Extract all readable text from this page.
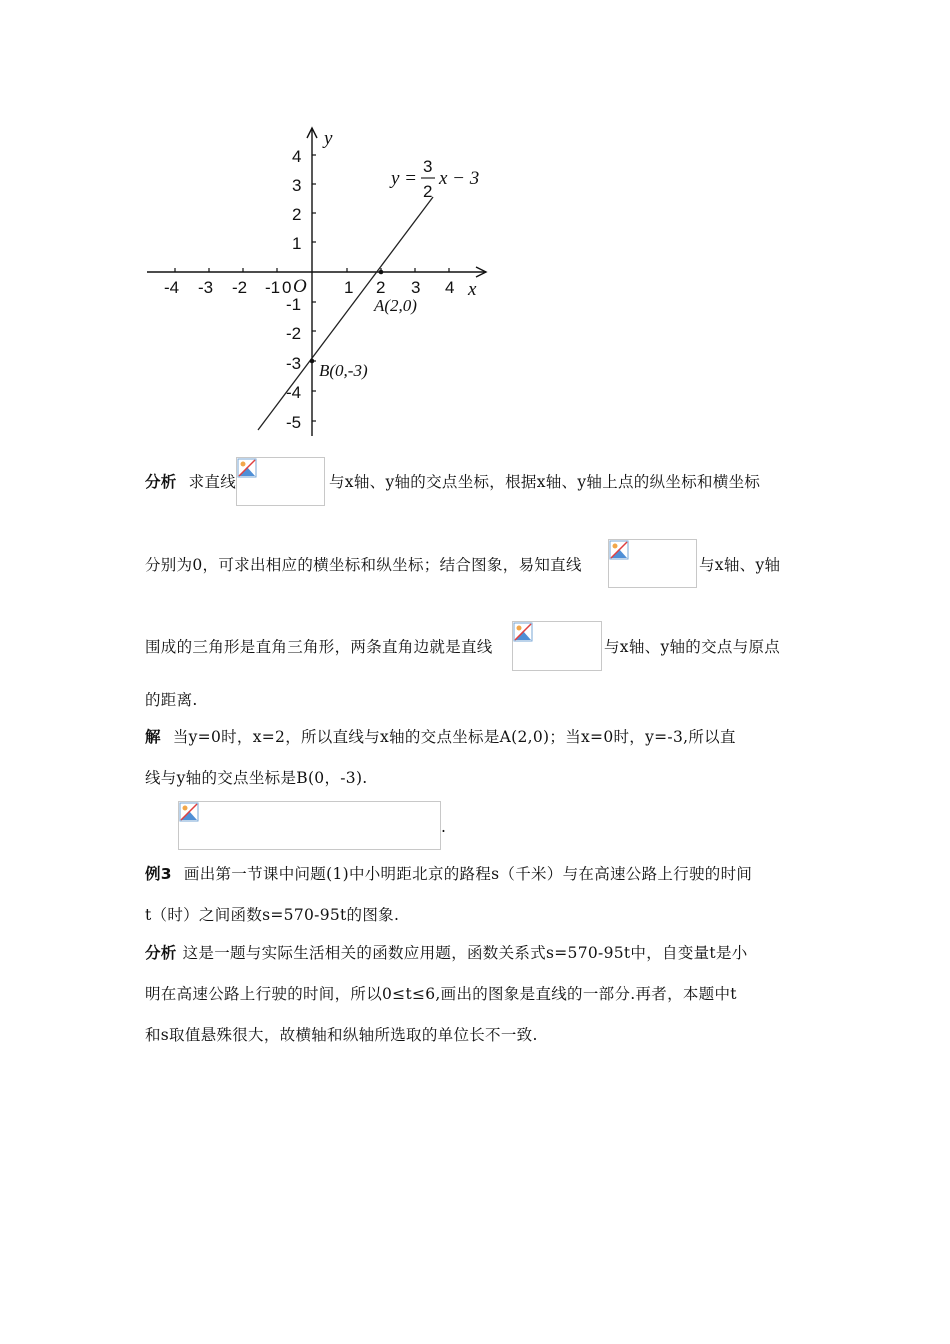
-4 -3 -2 -1 0 O 1 2 3 4 x
4
3
2
1
-1
-2
-3
-4
-5
y
y =
3
2
x − 3
A(2,0)
B(0,-3)
分析 求直线	与x轴、y轴的交点坐标，根据x轴、y轴上点的纵坐标和横坐标
分别为0，可求出相应的横坐标和纵坐标；结合图象，易知直线	与x轴、y轴
围成的三角形是直角三角形，两条直角边就是直线	与x轴、y轴的交点与原点
的距离.
解 当y=0时，x=2，所以直线与x轴的交点坐标是A(2,0)；当x=0时，y=-3,所以直
线与y轴的交点坐标是B(0，-3).
.
例3 画出第一节课中问题(1)中小明距北京的路程s（千米）与在高速公路上行驶的时间
t（时）之间函数s=570-95t的图象.
分析 这是一题与实际生活相关的函数应用题，函数关系式s=570-95t中，自变量t是小
明在高速公路上行驶的时间，所以0≤t≤6,画出的图象是直线的一部分.再者，本题中t
和s取值悬殊很大，故横轴和纵轴所选取的单位长不一致.
